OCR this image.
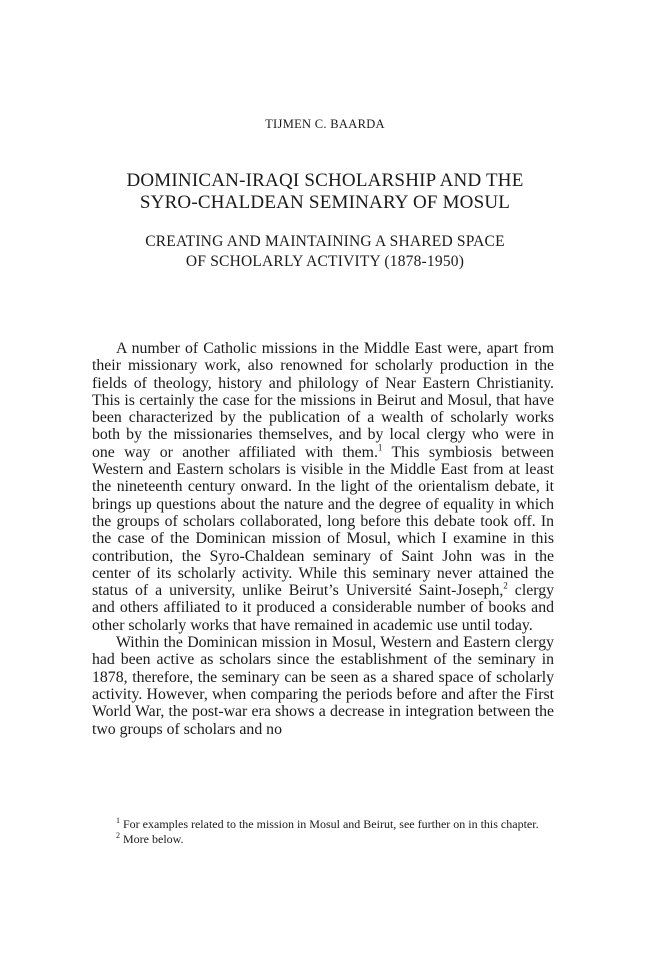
TIJMEN C. BAARDA
DOMINICAN-IRAQI SCHOLARSHIP AND THE
SYRO-CHALDEAN SEMINARY OF MOSUL
CREATING AND MAINTAINING A SHARED SPACE
OF SCHOLARLY ACTIVITY (1878-1950)

A number of Catholic missions in the Middle East were, apart from their missionary work, also renowned for scholarly production in the fields of theology, history and philology of Near Eastern Christianity. This is certainly the case for the missions in Beirut and Mosul, that have been characterized by the publication of a wealth of scholarly works both by the missionaries themselves, and by local clergy who were in one way or another affiliated with them.$^1$ This symbiosis between Western and Eastern scholars is visible in the Middle East from at least the nineteenth century onward. In the light of the orientalism debate, it brings up questions about the nature and the degree of equality in which the groups of scholars collaborated, long before this debate took off. In the case of the Dominican mission of Mosul, which I examine in this contribution, the Syro-Chaldean seminary of Saint John was in the center of its scholarly activity. While this seminary never attained the status of a university, unlike Beirut’s Université Saint-Joseph,$^2$ clergy and others affiliated to it produced a considerable number of books and other scholarly works that have remained in academic use until today.

Within the Dominican mission in Mosul, Western and Eastern clergy had been active as scholars since the establishment of the seminary in 1878, therefore, the seminary can be seen as a shared space of scholarly activity. However, when comparing the periods before and after the First World War, the post-war era shows a decrease in integration between the two groups of scholars and no

$^1$ For examples related to the mission in Mosul and Beirut, see further on in this chapter.

$^2$ More below.
